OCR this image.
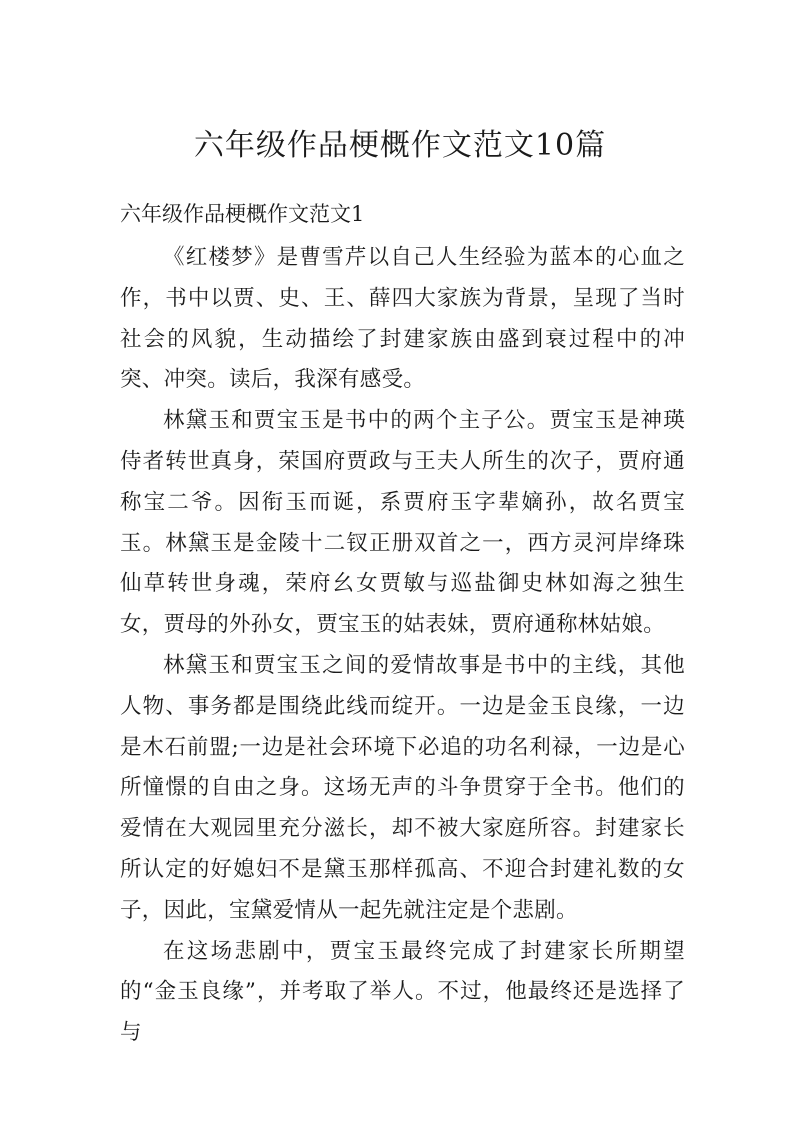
六年级作品梗概作文范文10篇
六年级作品梗概作文范文1

《红楼梦》是曹雪芹以自己人生经验为蓝本的心血之作，书中以贾、史、王、薛四大家族为背景，呈现了当时社会的风貌，生动描绘了封建家族由盛到衰过程中的冲突、冲突。读后，我深有感受。

林黛玉和贾宝玉是书中的两个主子公。贾宝玉是神瑛侍者转世真身，荣国府贾政与王夫人所生的次子，贾府通称宝二爷。因衔玉而诞，系贾府玉字辈嫡孙，故名贾宝玉。林黛玉是金陵十二钗正册双首之一，西方灵河岸绛珠仙草转世身魂，荣府幺女贾敏与巡盐御史林如海之独生女，贾母的外孙女，贾宝玉的姑表妹，贾府通称林姑娘。

林黛玉和贾宝玉之间的爱情故事是书中的主线，其他人物、事务都是围绕此线而绽开。一边是金玉良缘，一边是木石前盟;一边是社会环境下必追的功名利禄，一边是心所憧憬的自由之身。这场无声的斗争贯穿于全书。他们的爱情在大观园里充分滋长，却不被大家庭所容。封建家长所认定的好媳妇不是黛玉那样孤高、不迎合封建礼数的女子，因此，宝黛爱情从一起先就注定是个悲剧。

在这场悲剧中，贾宝玉最终完成了封建家长所期望的“金玉良缘”，并考取了举人。不过，他最终还是选择了与
